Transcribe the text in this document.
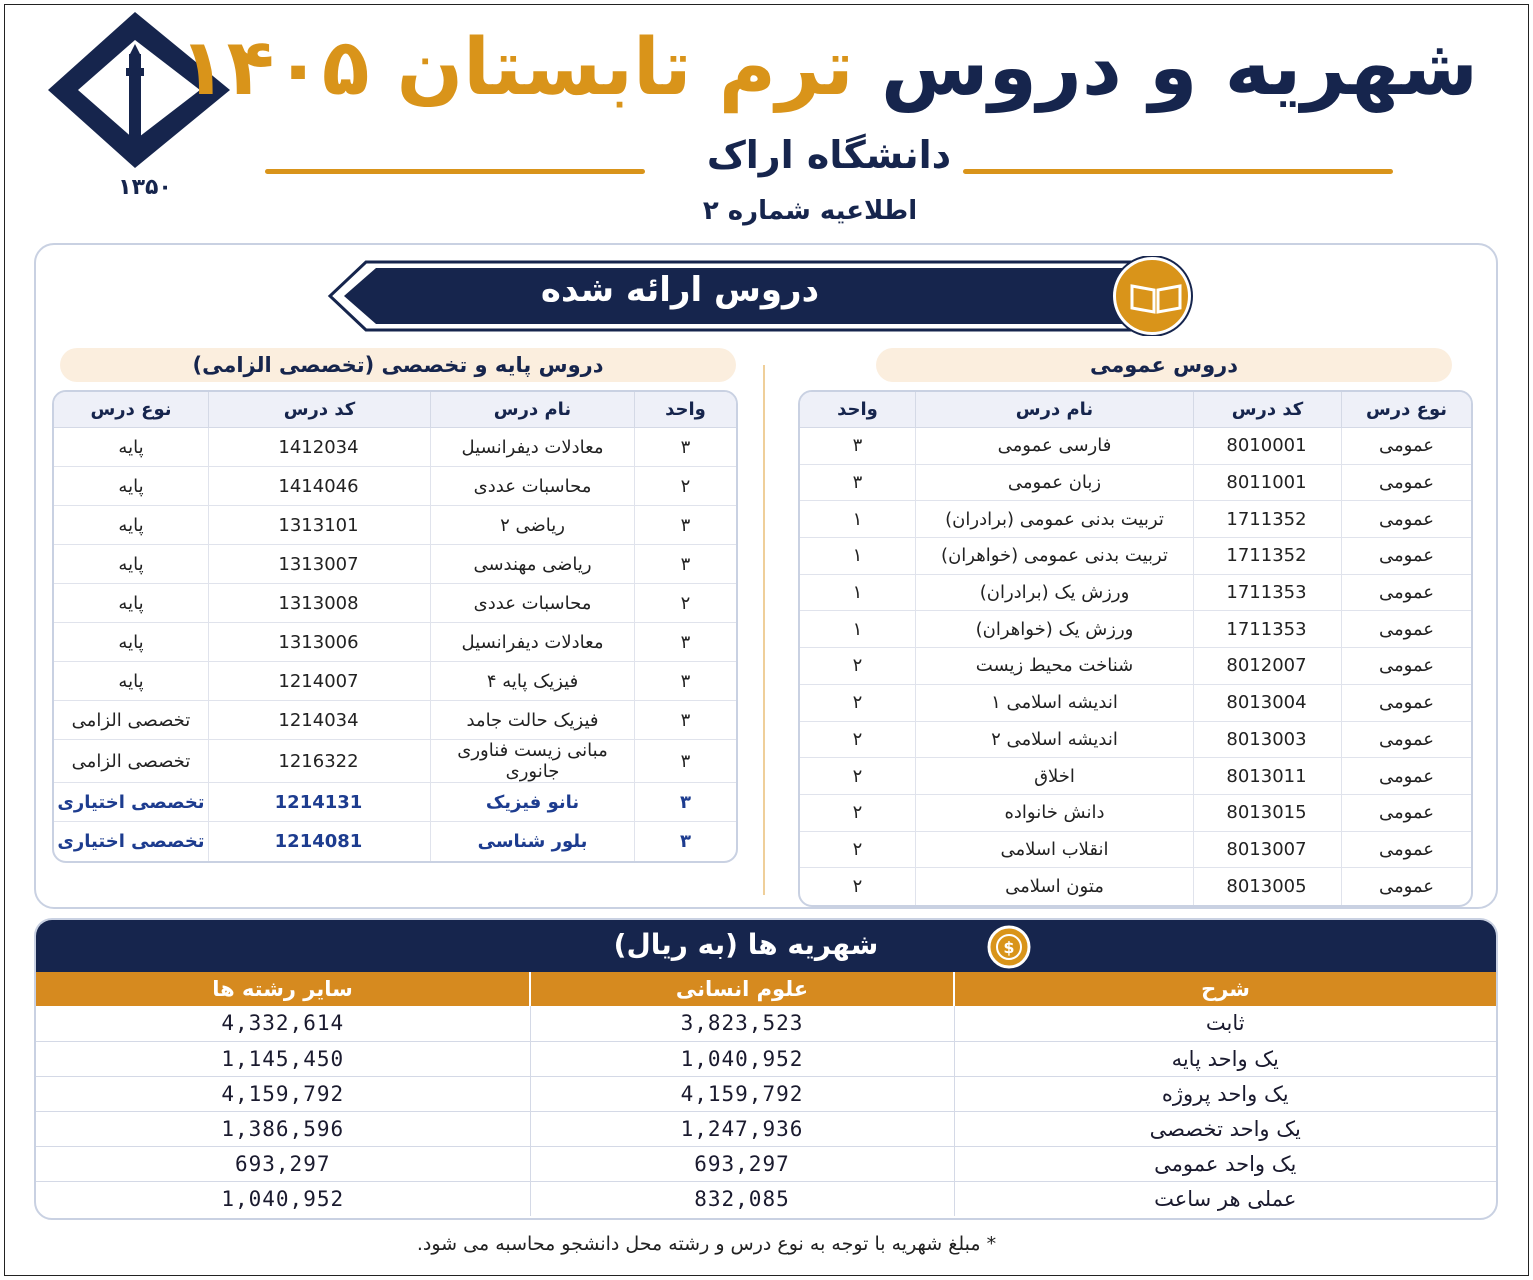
۱۳۵۰
شهریه و دروس ترم تابستان ۱۴۰۵
دانشگاه اراک
اطلاعیه شماره ۲
دروس ارائه شده
دروس عمومی
دروس پایه و تخصصی (تخصصی الزامی)
نوع درس	کد درس	نام درس	واحد
عمومی	8010001	فارسی عمومی	۳
عمومی	8011001	زبان عمومی	۳
عمومی	1711352	تربیت بدنی عمومی (برادران)	۱
عمومی	1711352	تربیت بدنی عمومی (خواهران)	۱
عمومی	1711353	ورزش یک (برادران)	۱
عمومی	1711353	ورزش یک (خواهران)	۱
عمومی	8012007	شناخت محیط زیست	۲
عمومی	8013004	اندیشه اسلامی ۱	۲
عمومی	8013003	اندیشه اسلامی ۲	۲
عمومی	8013011	اخلاق	۲
عمومی	8013015	دانش خانواده	۲
عمومی	8013007	انقلاب اسلامی	۲
عمومی	8013005	متون اسلامی	۲
واحد	نام درس	کد درس	نوع درس
۳	معادلات دیفرانسیل	1412034	پایه
۲	محاسبات عددی	1414046	پایه
۳	ریاضی ۲	1313101	پایه
۳	ریاضی مهندسی	1313007	پایه
۲	محاسبات عددی	1313008	پایه
۳	معادلات دیفرانسیل	1313006	پایه
۳	فیزیک پایه ۴	1214007	پایه
۳	فیزیک حالت جامد	1214034	تخصصی الزامی
۳	مبانی زیست فناوری جانوری	1216322	تخصصی الزامی
۳	نانو فیزیک	1214131	تخصصی اختیاری
۳	بلور شناسی	1214081	تخصصی اختیاری
شهریه ها (به ریال)	$
شرح	علوم انسانی	سایر رشته ها
ثابت	3,823,523	4,332,614
یک واحد پایه	1,040,952	1,145,450
یک واحد پروژه	4,159,792	4,159,792
یک واحد تخصصی	1,247,936	1,386,596
یک واحد عمومی	693,297	693,297
عملی هر ساعت	832,085	1,040,952
* مبلغ شهریه با توجه به نوع درس و رشته محل دانشجو محاسبه می شود.
